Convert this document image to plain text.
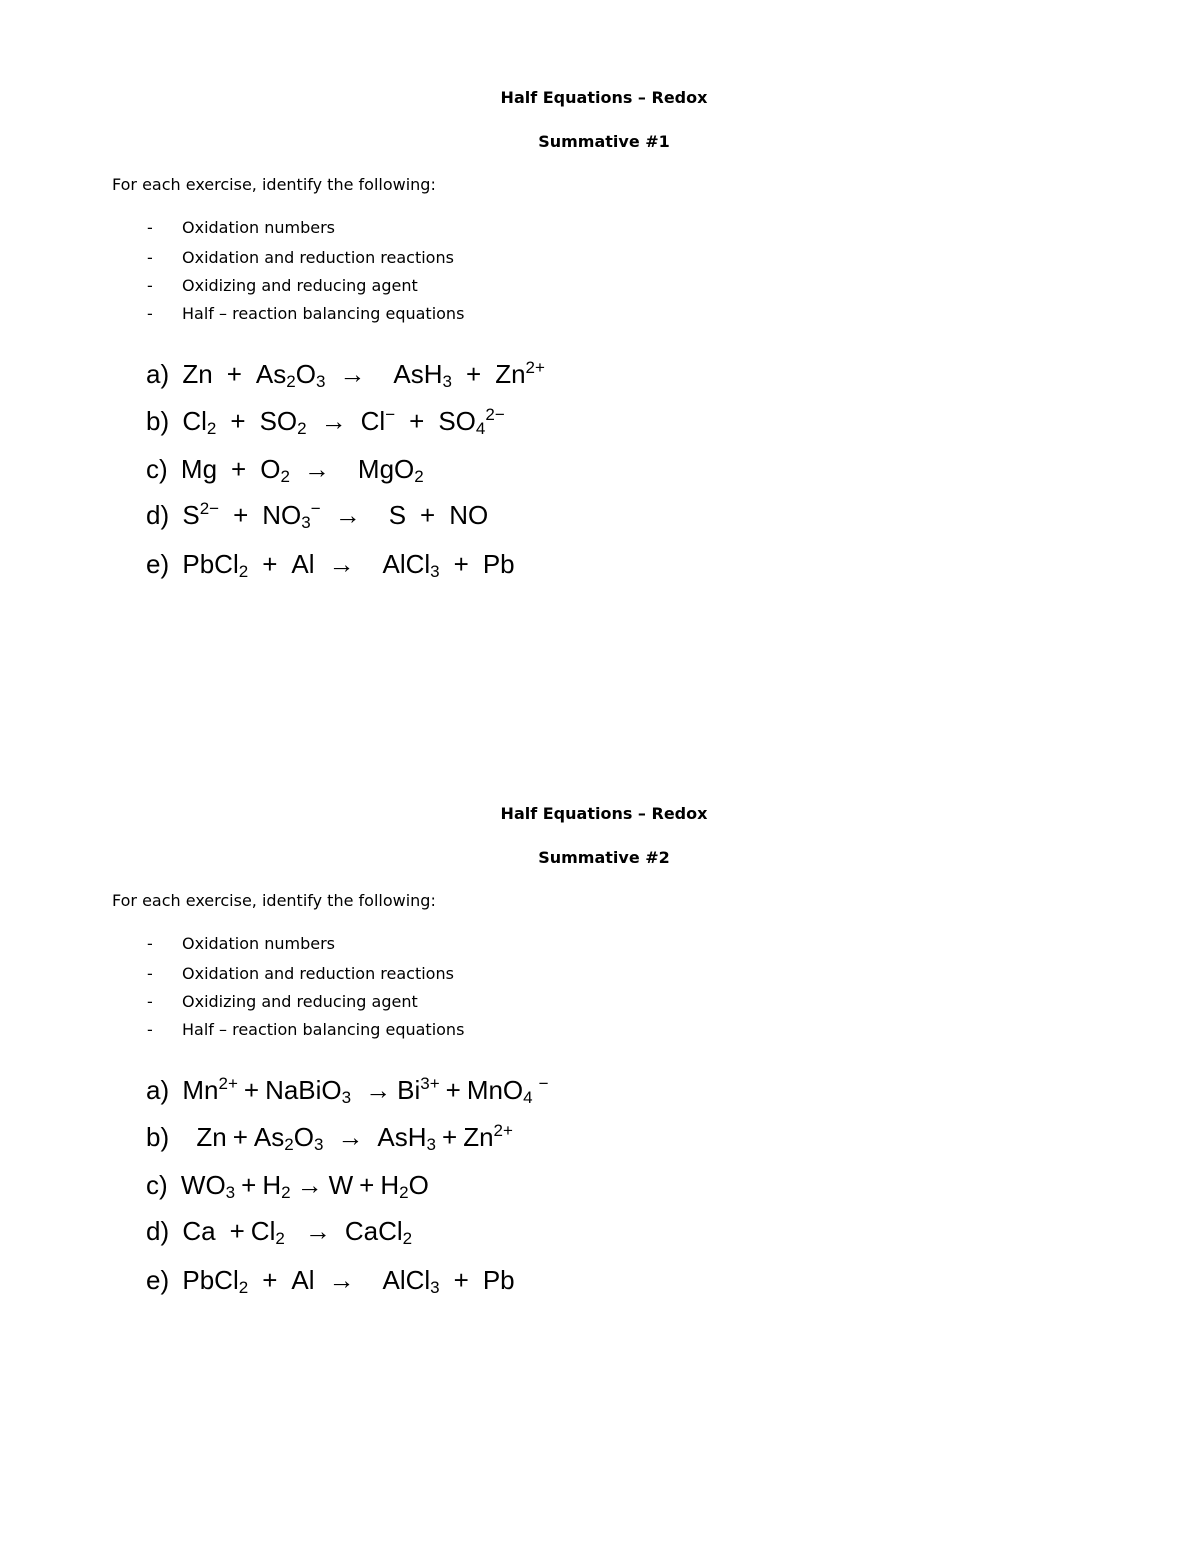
Half Equations – Redox
Summative #1
For each exercise, identify the following:
- Oxidation numbers
- Oxidation and reduction reactions
- Oxidizing and reducing agent
- Half – reaction balancing equations
a) $Zn + As_2O_3 \to AsH_3 + Zn^{2+}$
b) $Cl_2 + SO_2 \to Cl^- + SO_4^{2-}$
c) $Mg + O_2 \to MgO_2$
d) $S^{2-} + NO_3^- \to S$ + NO
e) PbCl$_2$ + Al → AlCl$_3$ + Pb
Half Equations – Redox
Summative #2
For each exercise, identify the following:
- Oxidation numbers
- Oxidation and reduction reactions
- Oxidizing and reducing agent
- Half – reaction balancing equations
a) $Mn^{2+}$ + NaBiO$_3$ → $Bi^{3+} + MnO_4^-$
b) $Zn + As_2O_3 \to AsH_3 + Zn^{2+}$
c) $WO_3 + H_2 \to W + H_2O$
d) $Ca + Cl_2$ → CaCl$_2$
e) PbCl$_2$ + Al → AlCl$_3$ + Pb
